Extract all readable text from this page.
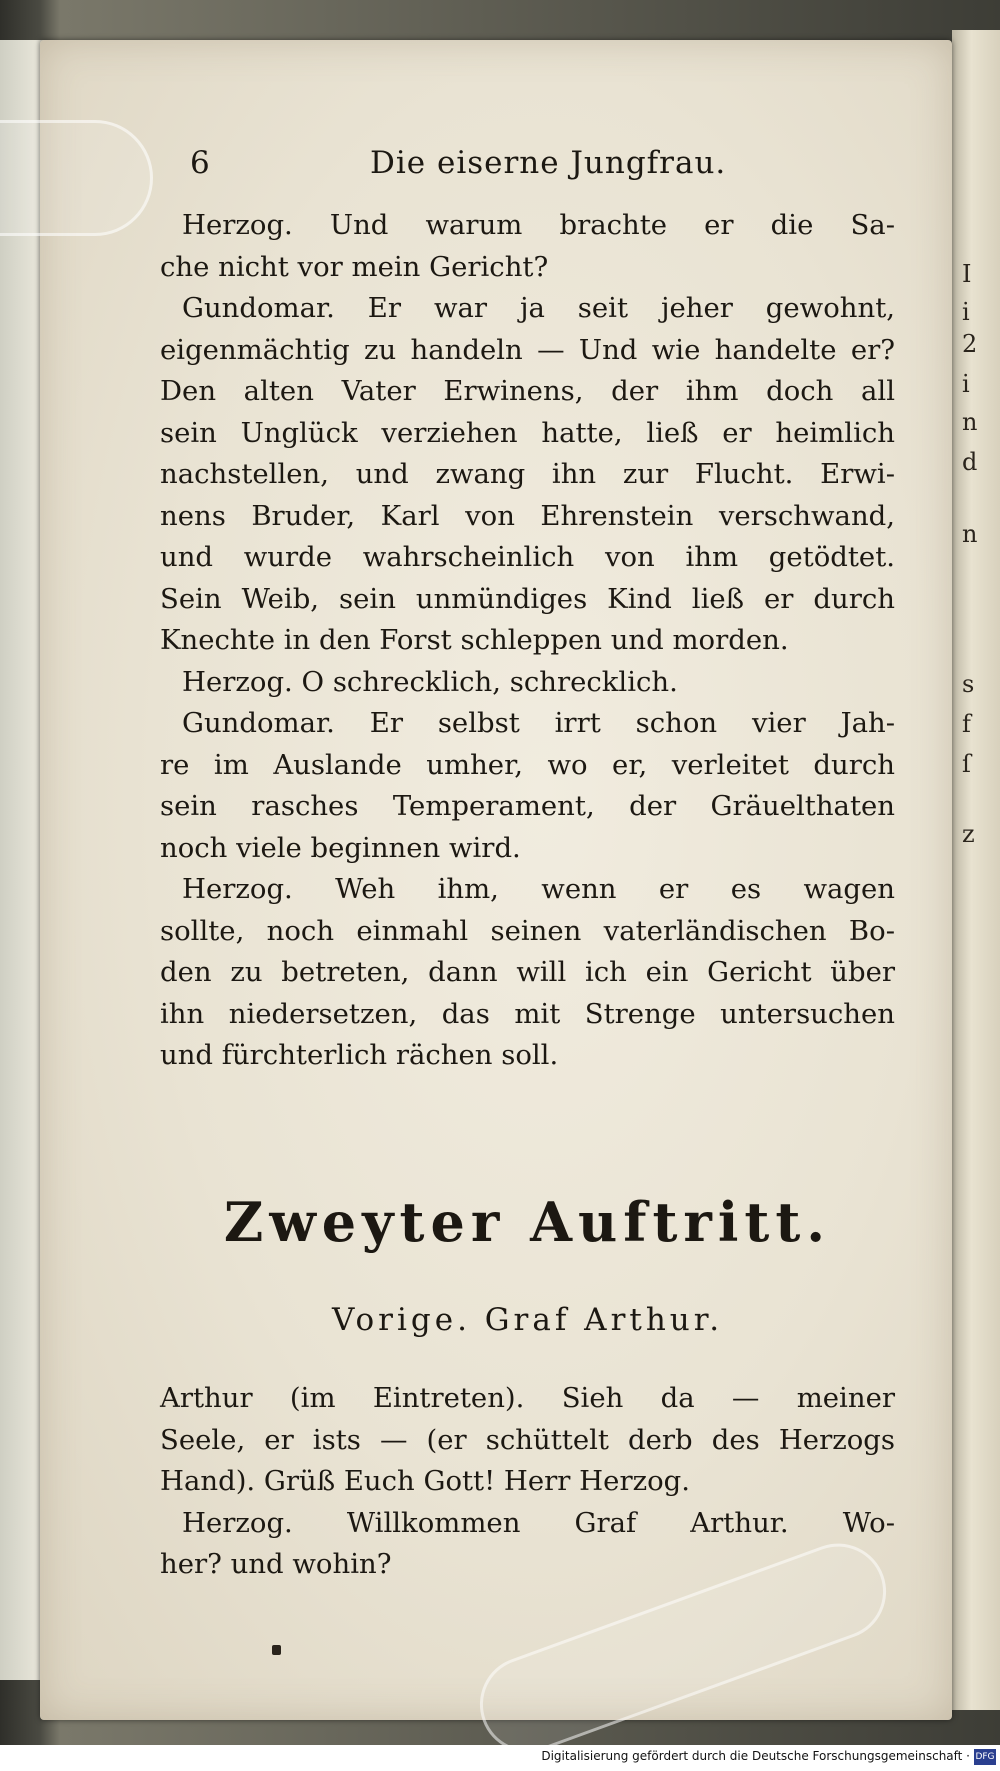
I
i
2
i
n
d
n
s
f
ſ
z
6	Die eiserne Jungfrau.
Herzog. Und warum brachte er die Sa-
che nicht vor mein Gericht?
Gundomar. Er war ja seit jeher gewohnt,
eigenmächtig zu handeln — Und wie handelte er?
Den alten Vater Erwinens, der ihm doch all
sein Unglück verziehen hatte, ließ er heimlich
nachstellen, und zwang ihn zur Flucht. Erwi-
nens Bruder, Karl von Ehrenstein verschwand,
und wurde wahrscheinlich von ihm getödtet.
Sein Weib, sein unmündiges Kind ließ er durch
Knechte in den Forst schleppen und morden.
Herzog. O schrecklich, schrecklich.
Gundomar. Er selbst irrt schon vier Jah-
re im Auslande umher, wo er, verleitet durch
sein rasches Temperament, der Gräuelthaten
noch viele beginnen wird.
Herzog. Weh ihm, wenn er es wagen
sollte, noch einmahl seinen vaterländischen Bo-
den zu betreten, dann will ich ein Gericht über
ihn niedersetzen, das mit Strenge untersuchen
und fürchterlich rächen soll.
Zweyter Auftritt.
Vorige. Graf Arthur.
Arthur (im Eintreten). Sieh da — meiner
Seele, er ists — (er schüttelt derb des Herzogs
Hand). Grüß Euch Gott! Herr Herzog.
Herzog. Willkommen Graf Arthur. Wo-
her? und wohin?
Digitalisierung gefördert durch die Deutsche Forschungsgemeinschaft · DFG
